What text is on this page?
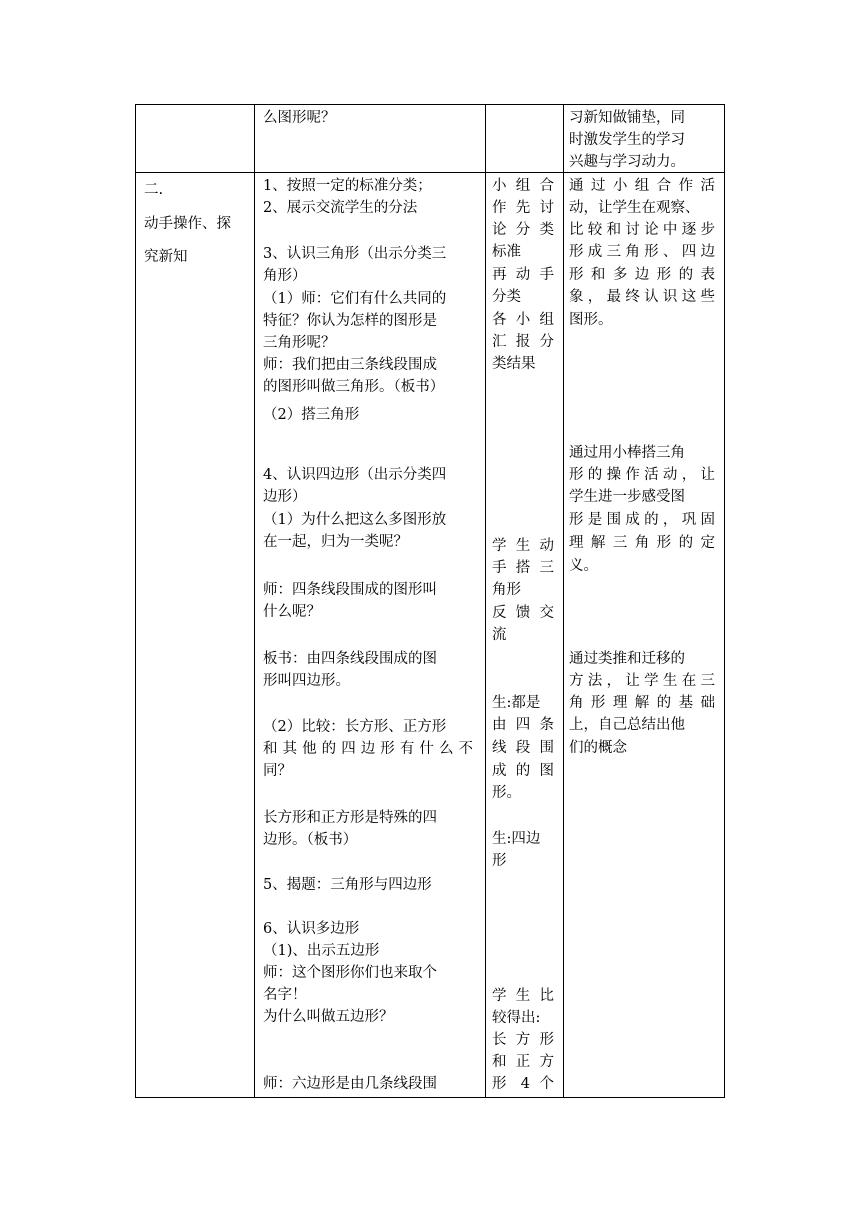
么图形呢？	习新知做铺垫，同
时激发学生的学习
兴趣与学习动力。
二.
动手操作、探
究新知
1、按照一定的标准分类；
2、展示交流学生的分法
3、认识三角形（出示分类三
角形）
（1）师：它们有什么共同的
特征？你认为怎样的图形是
三角形呢？
师：我们把由三条线段围成
的图形叫做三角形。（板书）
（2）搭三角形
4、认识四边形（出示分类四
边形）
（1）为什么把这么多图形放
在一起，归为一类呢？
师：四条线段围成的图形叫
什么呢？
板书：由四条线段围成的图
形叫四边形。
（2）比较：长方形、正方形
和其他的四边形有什么不
同？
长方形和正方形是特殊的四
边形。（板书）
5、揭题：三角形与四边形
6、认识多边形
（1)、出示五边形
师：这个图形你们也来取个
名字！
为什么叫做五边形？
师：六边形是由几条线段围
小组合
作先讨
论分类
标准
再动手
分类
各小组
汇报分
类结果
学生动
手搭三
角形
反馈交
流
生:都是
由四条
线段围
成的图
形。
生:四边
形
学生比
较得出:
长方形
和正方
形 4 个
通过小组合作活
动，让学生在观察、
比较和讨论中逐步
形成三角形、四边
形和多边形的表
象，最终认识这些
图形。
通过用小棒搭三角
形的操作活动，让
学生进一步感受图
形是围成的，巩固
理解三角形的定
义。
通过类推和迁移的
方法，让学生在三
角形理解的基础
上，自己总结出他
们的概念
